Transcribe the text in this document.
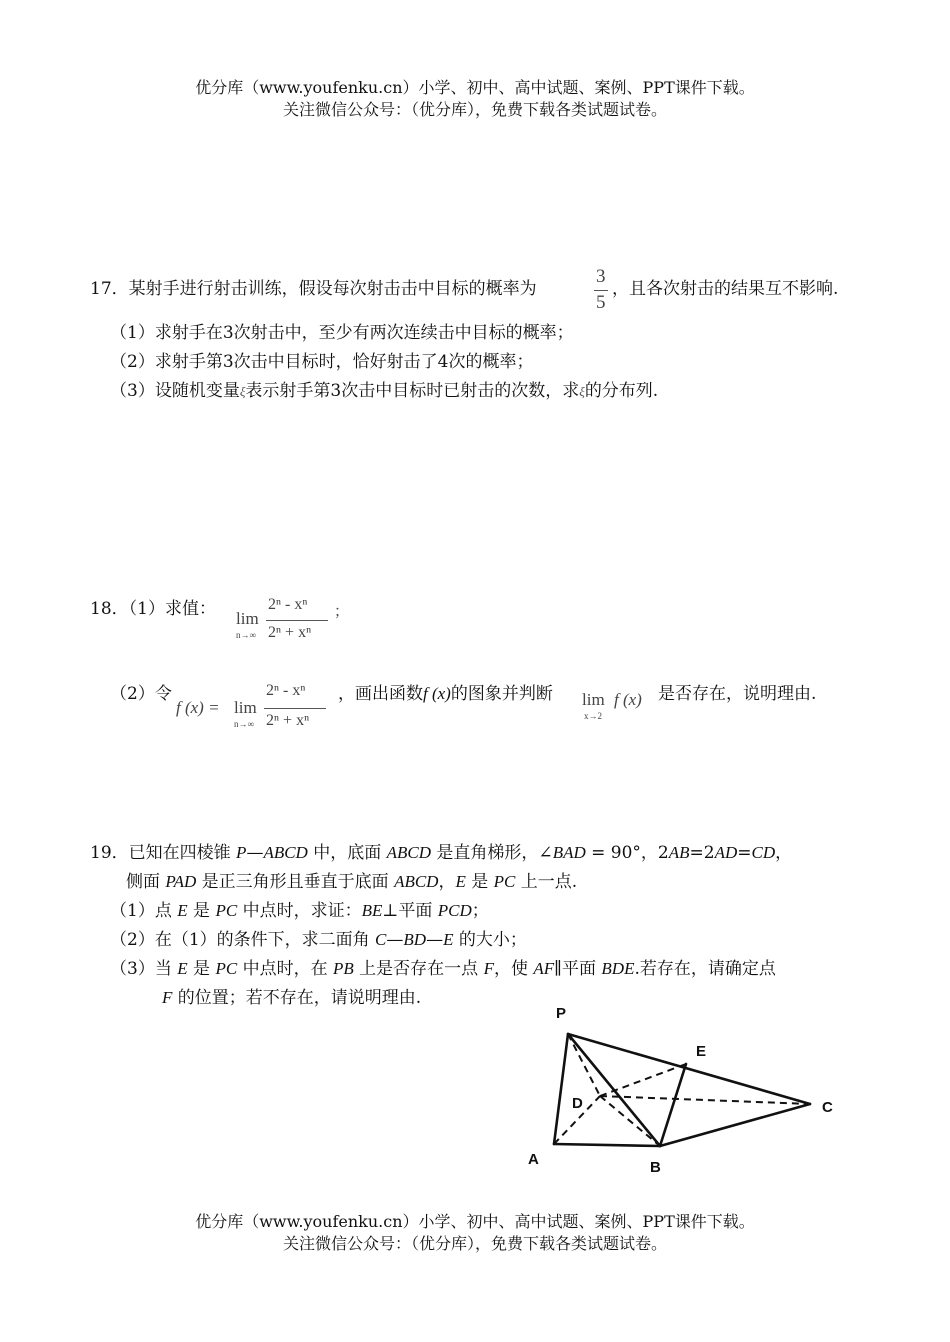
优分库（www.youfenku.cn）小学、初中、高中试题、案例、PPT课件下载。
关注微信公众号：（优分库），免费下载各类试题试卷。
17．某射手进行射击训练，假设每次射击击中目标的概率为
3
5
，且各次射击的结果互不影响.
（1）求射手在3次射击中，至少有两次连续击中目标的概率；
（2）求射手第3次击中目标时，恰好射击了4次的概率；
（3）设随机变量ξ表示射手第3次击中目标时已射击的次数，求ξ的分布列.
18．（1）求值： lim
n→∞
2ⁿ - xⁿ
2ⁿ + xⁿ
；
（2）令
f (x) = lim
n→∞
2ⁿ - xⁿ
2ⁿ + xⁿ
，画出函数f (x)的图象并判断 lim
x→2
f (x) 是否存在，说明理由.
19．已知在四棱锥 P—ABCD 中，底面 ABCD 是直角梯形，∠BAD = 90°，2AB=2AD=CD，
侧面 PAD 是正三角形且垂直于底面 ABCD，E 是 PC 上一点.
（1）点 E 是 PC 中点时，求证：BE⊥平面 PCD；
（2）在（1）的条件下，求二面角 C—BD—E 的大小；
（3）当 E 是 PC 中点时，在 PB 上是否存在一点 F，使 AF∥平面 BDE.若存在，请确定点
F 的位置；若不存在，请说明理由.
P
E
D	C
A	B
优分库（www.youfenku.cn）小学、初中、高中试题、案例、PPT课件下载。
关注微信公众号：（优分库），免费下载各类试题试卷。
